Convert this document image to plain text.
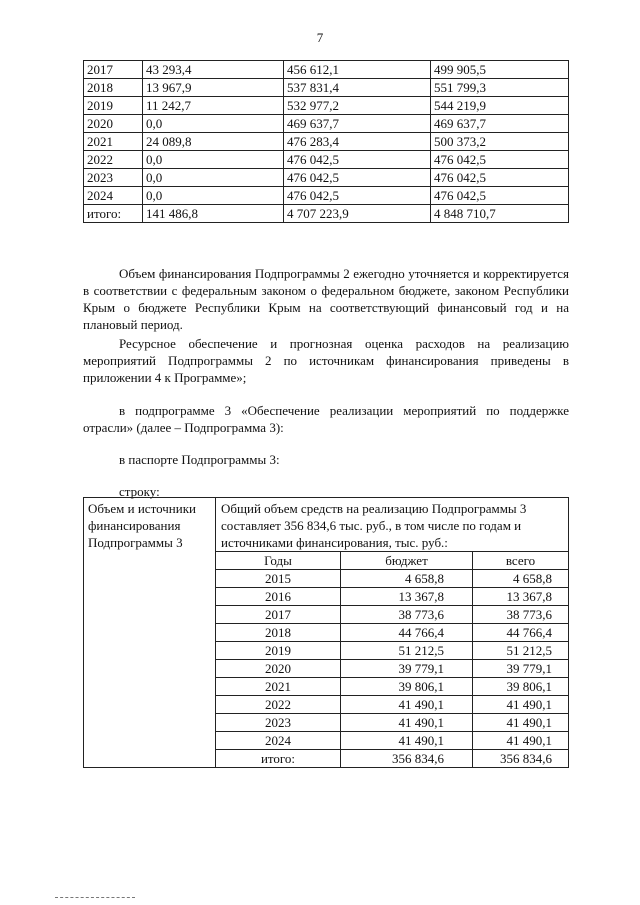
7
2017	43 293,4	456 612,1	499 905,5
2018	13 967,9	537 831,4	551 799,3
2019	11 242,7	532 977,2	544 219,9
2020	0,0	469 637,7	469 637,7
2021	24 089,8	476 283,4	500 373,2
2022	0,0	476 042,5	476 042,5
2023	0,0	476 042,5	476 042,5
2024	0,0	476 042,5	476 042,5
итого:	141 486,8	4 707 223,9	4 848 710,7

Объем финансирования Подпрограммы 2 ежегодно уточняется и корректируется в соответствии с федеральным законом о федеральном бюджете, законом Республики Крым о бюджете Республики Крым на соответствующий финансовый год и на плановый период.

Ресурсное обеспечение и прогнозная оценка расходов на реализацию мероприятий Подпрограммы 2 по источникам финансирования приведены в приложении 4 к Программе»;

в подпрограмме 3 «Обеспечение реализации мероприятий по поддержке отрасли» (далее – Подпрограмма 3):

в паспорте Подпрограммы 3:

строку:

Объем и источники финансирования Подпрограммы 3	
Общий объем средств на реализацию Подпрограммы 3 составляет 356 834,6 тыс. руб., в том числе по годам и источниками финансирования, тыс. руб.:
Годы	бюджет	всего
2015	4 658,8	4 658,8
2016	13 367,8	13 367,8
2017	38 773,6	38 773,6
2018	44 766,4	44 766,4
2019	51 212,5	51 212,5
2020	39 779,1	39 779,1
2021	39 806,1	39 806,1
2022	41 490,1	41 490,1
2023	41 490,1	41 490,1
2024	41 490,1	41 490,1
итого:	356 834,6	356 834,6
